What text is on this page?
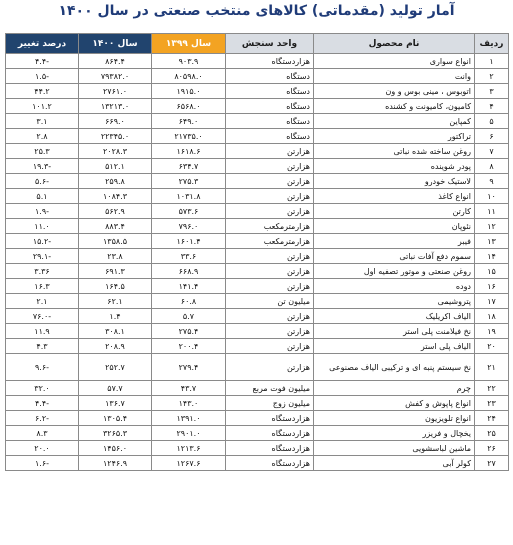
آمار تولید (مقدماتی) کالاهای منتخب صنعتی در سال ۱۴۰۰
ردیف	نام محصول	واحد سنجش	سال ۱۳۹۹	سال ۱۴۰۰	درصد تغییر
۱	انواع سواری	هزاردستگاه	۹۰۳.۹	۸۶۴.۴	-۴.۴
۲	وانت	دستگاه	۸۰۵۹۸.۰	۷۹۳۸۲.۰	-۱.۵
۳	اتوبوس ، مینی بوس و ون	دستگاه	۱۹۱۵.۰	۲۷۶۱.۰	۴۴.۲
۴	کامیون، کامیونت و کشنده	دستگاه	۶۵۶۸.۰	۱۳۲۱۳.۰	۱۰۱.۲
۵	کمپاین	دستگاه	۶۴۹.۰	۶۶۹.۰	۳.۱
۶	تراکتور	دستگاه	۲۱۷۳۵.۰	۲۲۳۴۵.۰	۲.۸
۷	روغن ساخته شده نباتی	هزارتن	۱۶۱۸.۶	۲۰۲۸.۳	۲۵.۳
۸	پودر شوینده	هزارتن	۶۳۴.۷	۵۱۲.۱	-۱۹.۳
۹	لاستیک خودرو	هزارتن	۲۷۵.۳	۲۵۹.۸	-۵.۶
۱۰	انواع کاغذ	هزارتن	۱۰۳۱.۸	۱۰۸۴.۳	۵.۱
۱۱	کارتن	هزارتن	۵۷۳.۶	۵۶۲.۹	-۱.۹
۱۲	نئوپان	هزارمترمکعب	۷۹۶.۰	۸۸۳.۴	۱۱.۰
۱۳	فیبر	هزارمترمکعب	۱۶۰۱.۴	۱۳۵۸.۵	-۱۵.۲
۱۴	سموم دفع آفات نباتی	هزارتن	۳۳.۶	۲۳.۸	-۲۹.۱
۱۵	روغن صنعتی و موتور تصفیه اول	هزارتن	۶۶۸.۹	۶۹۱.۳	۳.۳۶
۱۶	دوده	هزارتن	۱۴۱.۴	۱۶۴.۵	۱۶.۳
۱۷	پتروشیمی	میلیون تن	۶۰.۸	۶۲.۱	۲.۱
۱۸	الیاف اکریلیک	هزارتن	۵.۷	۱.۴	-۷۶.۰
۱۹	نخ فیلامنت پلی استر	هزارتن	۲۷۵.۴	۳۰۸.۱	۱۱.۹
۲۰	الیاف پلی استر	هزارتن	۲۰۰.۴	۲۰۸.۹	۴.۳
۲۱	نخ سیستم پنبه ای و ترکیبی الیاف مصنوعی	هزارتن	۲۷۹.۴	۲۵۲.۷	-۹.۶
۲۲	چرم	میلیون فوت مربع	۴۳.۷	۵۷.۷	۳۲.۰
۲۳	انواع پاپوش و کفش	میلیون زوج	۱۴۳.۰	۱۳۶.۷	-۴.۴
۲۴	انواع تلویزیون	هزاردستگاه	۱۳۹۱.۰	۱۳۰۵.۴	-۶.۲
۲۵	یخچال و فریزر	هزاردستگاه	۲۹۰۱.۰	۳۲۶۵.۳	۸.۳
۲۶	ماشین لباسشویی	هزاردستگاه	۱۲۱۳.۶	۱۴۵۶.۰	۲۰.۰
۲۷	کولر آبی	هزاردستگاه	۱۲۶۷.۶	۱۲۴۶.۹	-۱.۶
